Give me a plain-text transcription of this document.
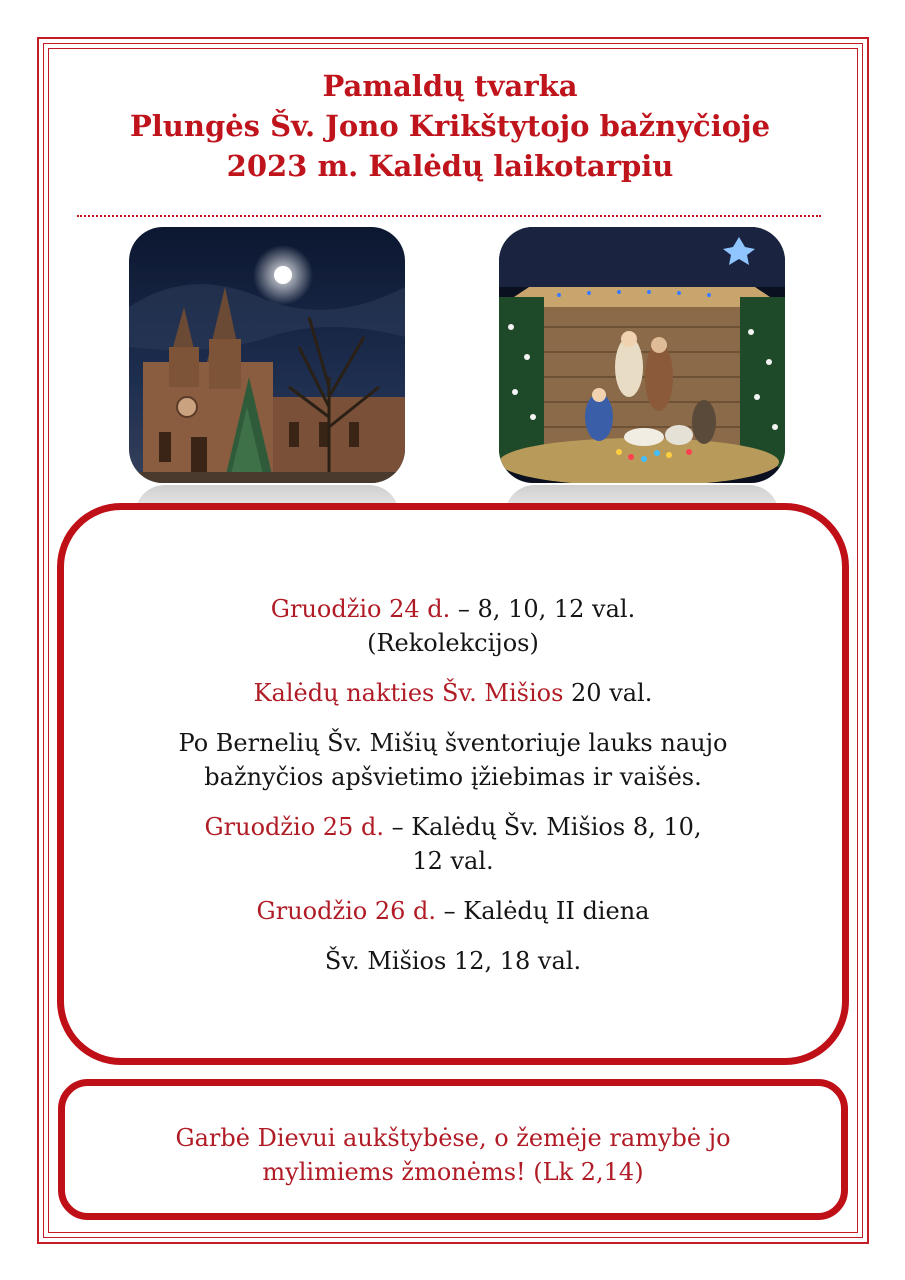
Pamaldų tvarka
Plungės Šv. Jono Krikštytojo bažnyčioje
2023 m. Kalėdų laikotarpiu

Gruodžio 24 d. – 8, 10, 12 val.
(Rekolekcijos)

Kalėdų nakties Šv. Mišios 20 val.

Po Bernelių Šv. Mišių šventoriuje lauks naujo
bažnyčios apšvietimo įžiebimas ir vaišės.

Gruodžio 25 d. – Kalėdų Šv. Mišios 8, 10,
12 val.

Gruodžio 26 d. – Kalėdų II diena

Šv. Mišios 12, 18 val.

Garbė Dievui aukštybėse, o žemėje ramybė jo
mylimiems žmonėms! (Lk 2,14)
